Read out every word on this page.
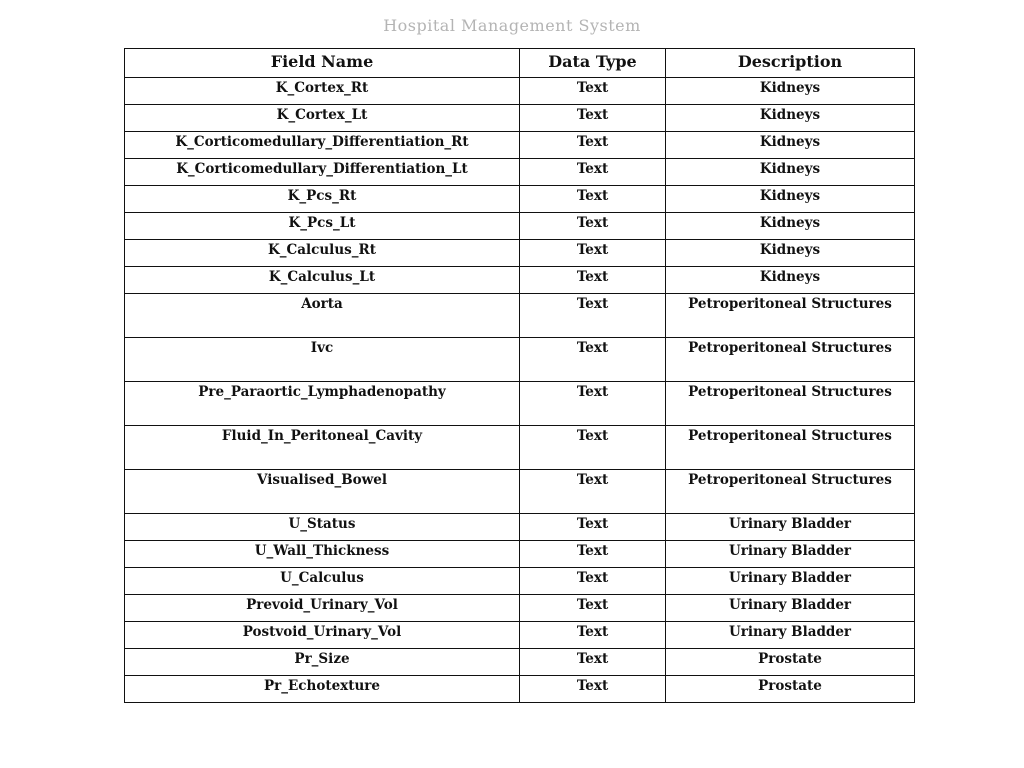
Hospital Management System
Field Name	Data Type	Description
K_Cortex_Rt	Text	Kidneys
K_Cortex_Lt	Text	Kidneys
K_Corticomedullary_Differentiation_Rt	Text	Kidneys
K_Corticomedullary_Differentiation_Lt	Text	Kidneys
K_Pcs_Rt	Text	Kidneys
K_Pcs_Lt	Text	Kidneys
K_Calculus_Rt	Text	Kidneys
K_Calculus_Lt	Text	Kidneys
Aorta	Text	Petroperitoneal Structures
Ivc	Text	Petroperitoneal Structures
Pre_Paraortic_Lymphadenopathy	Text	Petroperitoneal Structures
Fluid_In_Peritoneal_Cavity	Text	Petroperitoneal Structures
Visualised_Bowel	Text	Petroperitoneal Structures
U_Status	Text	Urinary Bladder
U_Wall_Thickness	Text	Urinary Bladder
U_Calculus	Text	Urinary Bladder
Prevoid_Urinary_Vol	Text	Urinary Bladder
Postvoid_Urinary_Vol	Text	Urinary Bladder
Pr_Size	Text	Prostate
Pr_Echotexture	Text	Prostate
